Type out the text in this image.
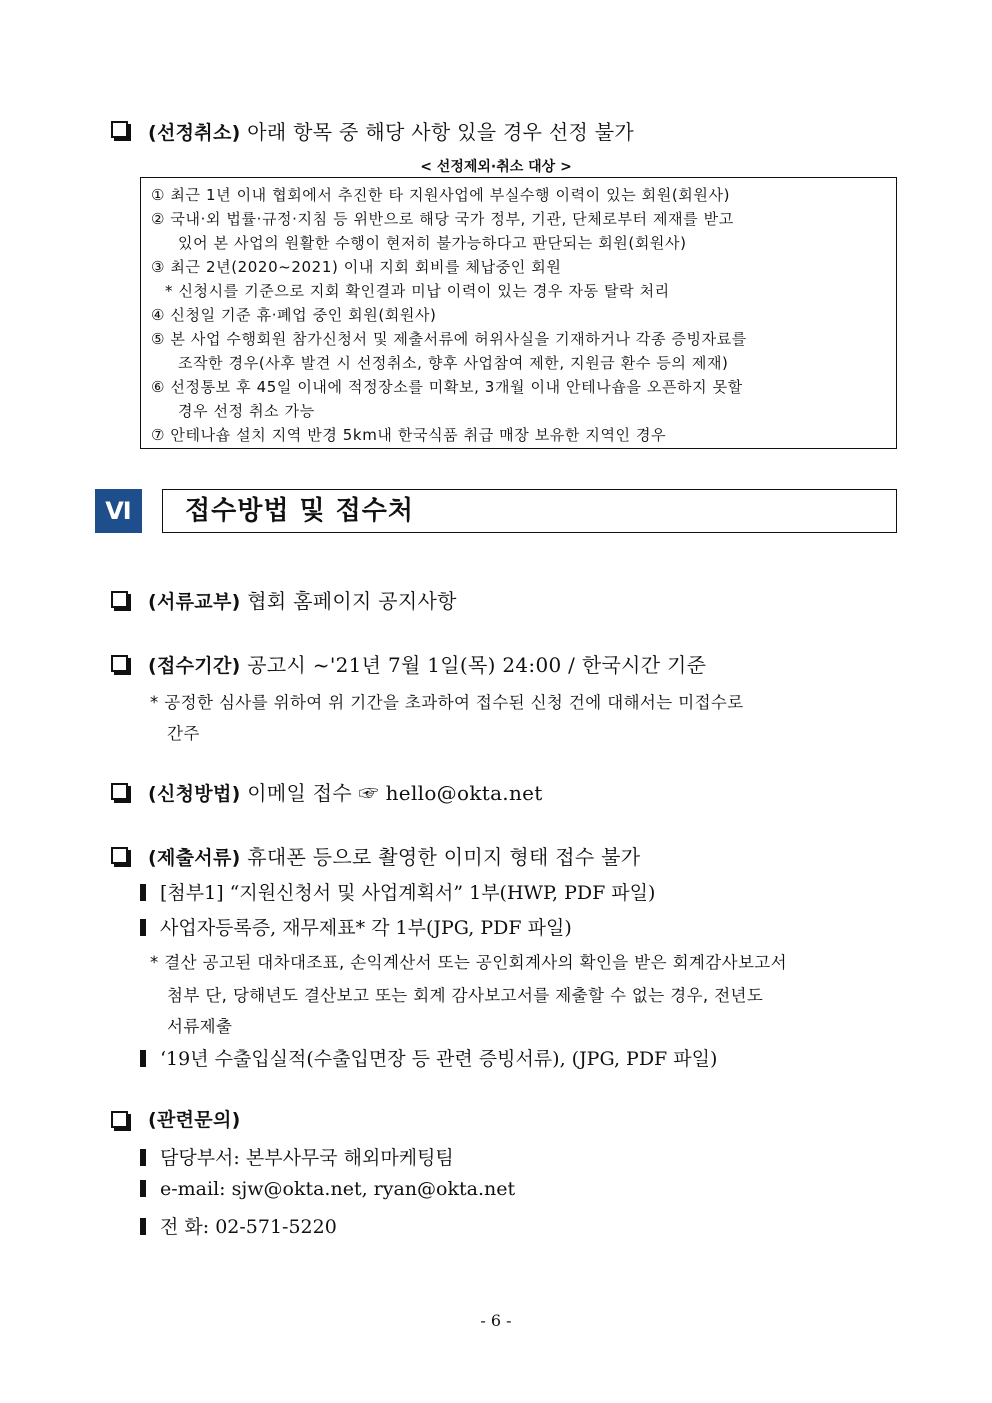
(선정취소) 아래 항목 중 해당 사항 있을 경우 선정 불가
< 선정제외·취소 대상 >
① 최근 1년 이내 협회에서 추진한 타 지원사업에 부실수행 이력이 있는 회원(회원사)
② 국내·외 법률·규정·지침 등 위반으로 해당 국가 정부, 기관, 단체로부터 제재를 받고
있어 본 사업의 원활한 수행이 현저히 불가능하다고 판단되는 회원(회원사)
③ 최근 2년(2020~2021) 이내 지회 회비를 체납중인 회원
* 신청시를 기준으로 지회 확인결과 미납 이력이 있는 경우 자동 탈락 처리
④ 신청일 기준 휴·폐업 중인 회원(회원사)
⑤ 본 사업 수행회원 참가신청서 및 제출서류에 허위사실을 기재하거나 각종 증빙자료를
조작한 경우(사후 발견 시 선정취소, 향후 사업참여 제한, 지원금 환수 등의 제재)
⑥ 선정통보 후 45일 이내에 적정장소를 미확보, 3개월 이내 안테나숍을 오픈하지 못할
경우 선정 취소 가능
⑦ 안테나숍 설치 지역 반경 5km내 한국식품 취급 매장 보유한 지역인 경우
Ⅵ	접수방법 및 접수처
(서류교부) 협회 홈페이지 공지사항
(접수기간) 공고시 ~'21년 7월 1일(목) 24:00 / 한국시간 기준
* 공정한 심사를 위하여 위 기간을 초과하여 접수된 신청 건에 대해서는 미접수로
간주
(신청방법) 이메일 접수 ☞ hello@okta.net
(제출서류) 휴대폰 등으로 촬영한 이미지 형태 접수 불가
[첨부1] “지원신청서 및 사업계획서” 1부(HWP, PDF 파일)
사업자등록증, 재무제표* 각 1부(JPG, PDF 파일)
* 결산 공고된 대차대조표, 손익계산서 또는 공인회계사의 확인을 받은 회계감사보고서
첨부 단, 당해년도 결산보고 또는 회계 감사보고서를 제출할 수 없는 경우, 전년도
서류제출
‘19년 수출입실적(수출입면장 등 관련 증빙서류), (JPG, PDF 파일)
(관련문의)
담당부서: 본부사무국 해외마케팅팀
e-mail: sjw@okta.net, ryan@okta.net
전 화: 02-571-5220
- 6 -
